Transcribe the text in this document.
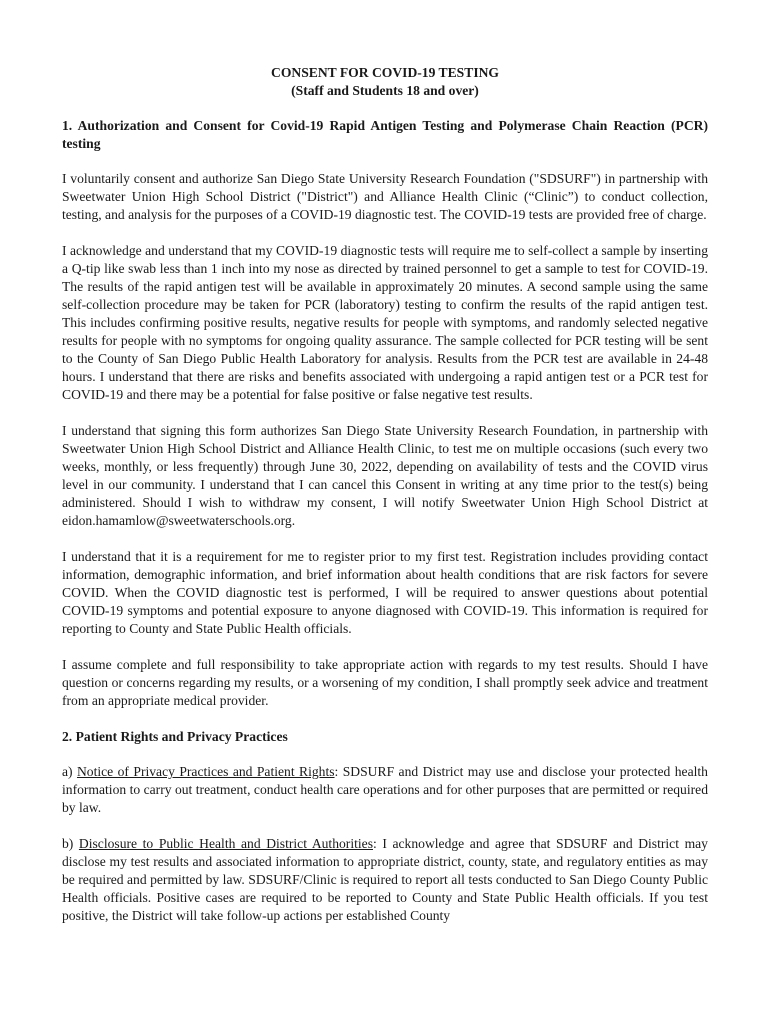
CONSENT FOR COVID-19 TESTING
(Staff and Students 18 and over)

1. Authorization and Consent for Covid-19 Rapid Antigen Testing and Polymerase Chain Reaction (PCR) testing

I voluntarily consent and authorize San Diego State University Research Foundation ("SDSURF") in partnership with Sweetwater Union High School District ("District") and Alliance Health Clinic (“Clinic”) to conduct collection, testing, and analysis for the purposes of a COVID-19 diagnostic test. The COVID-19 tests are provided free of charge.

I acknowledge and understand that my COVID-19 diagnostic tests will require me to self-collect a sample by inserting a Q-tip like swab less than 1 inch into my nose as directed by trained personnel to get a sample to test for COVID-19. The results of the rapid antigen test will be available in approximately 20 minutes. A second sample using the same self-collection procedure may be taken for PCR (laboratory) testing to confirm the results of the rapid antigen test. This includes confirming positive results, negative results for people with symptoms, and randomly selected negative results for people with no symptoms for ongoing quality assurance. The sample collected for PCR testing will be sent to the County of San Diego Public Health Laboratory for analysis. Results from the PCR test are available in 24-48 hours. I understand that there are risks and benefits associated with undergoing a rapid antigen test or a PCR test for COVID-19 and there may be a potential for false positive or false negative test results.

I understand that signing this form authorizes San Diego State University Research Foundation, in partnership with Sweetwater Union High School District and Alliance Health Clinic, to test me on multiple occasions (such every two weeks, monthly, or less frequently) through June 30, 2022, depending on availability of tests and the COVID virus level in our community. I understand that I can cancel this Consent in writing at any time prior to the test(s) being administered. Should I wish to withdraw my consent, I will notify Sweetwater Union High School District at eidon.hamamlow@sweetwaterschools.org.

I understand that it is a requirement for me to register prior to my first test. Registration includes providing contact information, demographic information, and brief information about health conditions that are risk factors for severe COVID. When the COVID diagnostic test is performed, I will be required to answer questions about potential COVID-19 symptoms and potential exposure to anyone diagnosed with COVID-19. This information is required for reporting to County and State Public Health officials.

I assume complete and full responsibility to take appropriate action with regards to my test results. Should I have question or concerns regarding my results, or a worsening of my condition, I shall promptly seek advice and treatment from an appropriate medical provider.

2. Patient Rights and Privacy Practices

a) Notice of Privacy Practices and Patient Rights: SDSURF and District may use and disclose your protected health information to carry out treatment, conduct health care operations and for other purposes that are permitted or required by law.

b) Disclosure to Public Health and District Authorities: I acknowledge and agree that SDSURF and District may disclose my test results and associated information to appropriate district, county, state, and regulatory entities as may be required and permitted by law. SDSURF/Clinic is required to report all tests conducted to San Diego County Public Health officials. Positive cases are required to be reported to County and State Public Health officials. If you test positive, the District will take follow-up actions per established County
